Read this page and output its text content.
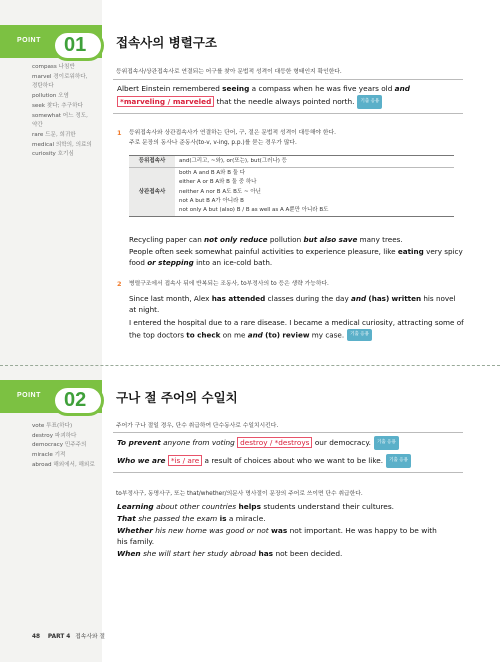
POINT	01	접속사의 병렬구조
compass 나침반
marvel 경이로워하다,
경탄하다
pollution 오염
seek 찾다; 추구하다
somewhat 어느 정도,
약간
rare 드문, 희귀한
medical 의학의, 의료의
curiosity 호기심
등위접속사/상관접속사로 연결되는 어구를 찾아 문법적 성격이 대등한 형태인지 확인한다.
Albert Einstein remembered seeing a compass when he was five years old and
*marveling / marveled that the needle always pointed north. 기출 응용
1 등위접속사와 상관접속사가 연결하는 단어, 구, 절은 문법적 성격이 대등해야 한다.
주로 문장의 동사나 준동사(to-v, v-ing, p.p.)를 묻는 경우가 많다.
등위접속사	and(그리고, ~와), or(또는), but(그러나) 등
상관접속사	both A and B A와 B 둘 다
either A or B A와 B 둘 중 하나
neither A nor B A도 B도 ~ 아닌
not A but B A가 아니라 B
not only A but (also) B / B as well as A A뿐만 아니라 B도
Recycling paper can not only reduce pollution but also save many trees.
People often seek somewhat painful activities to experience pleasure, like eating very spicy food or stepping into an ice-cold bath.
2 병렬구조에서 접속사 뒤에 반복되는 조동사, to부정사의 to 등은 생략 가능하다.
Since last month, Alex has attended classes during the day and (has) written his novel at night.
I entered the hospital due to a rare disease. I became a medical curiosity, attracting some of the top doctors to check on me and (to) review my case. 기출 응용
POINT	02	구나 절 주어의 수일치
vote 투표(하다)
destroy 파괴하다
democracy 민주주의
miracle 기적
abroad 해외에서, 해외로
주어가 구나 절일 경우, 단수 취급하여 단수동사로 수일치시킨다.
To prevent anyone from voting destroy / *destroys our democracy. 기출 응용
Who we are *is / are a result of choices about who we want to be like. 기출 응용
to부정사구, 동명사구, 또는 that/whether/의문사 명사절이 문장의 주어로 쓰이면 단수 취급한다.
Learning about other countries helps students understand their cultures.
That she passed the exam is a miracle.
Whether his new home was good or not was not important. He was happy to be with
his family.
When she will start her study abroad has not been decided.
48 PART 4 접속사와 절
